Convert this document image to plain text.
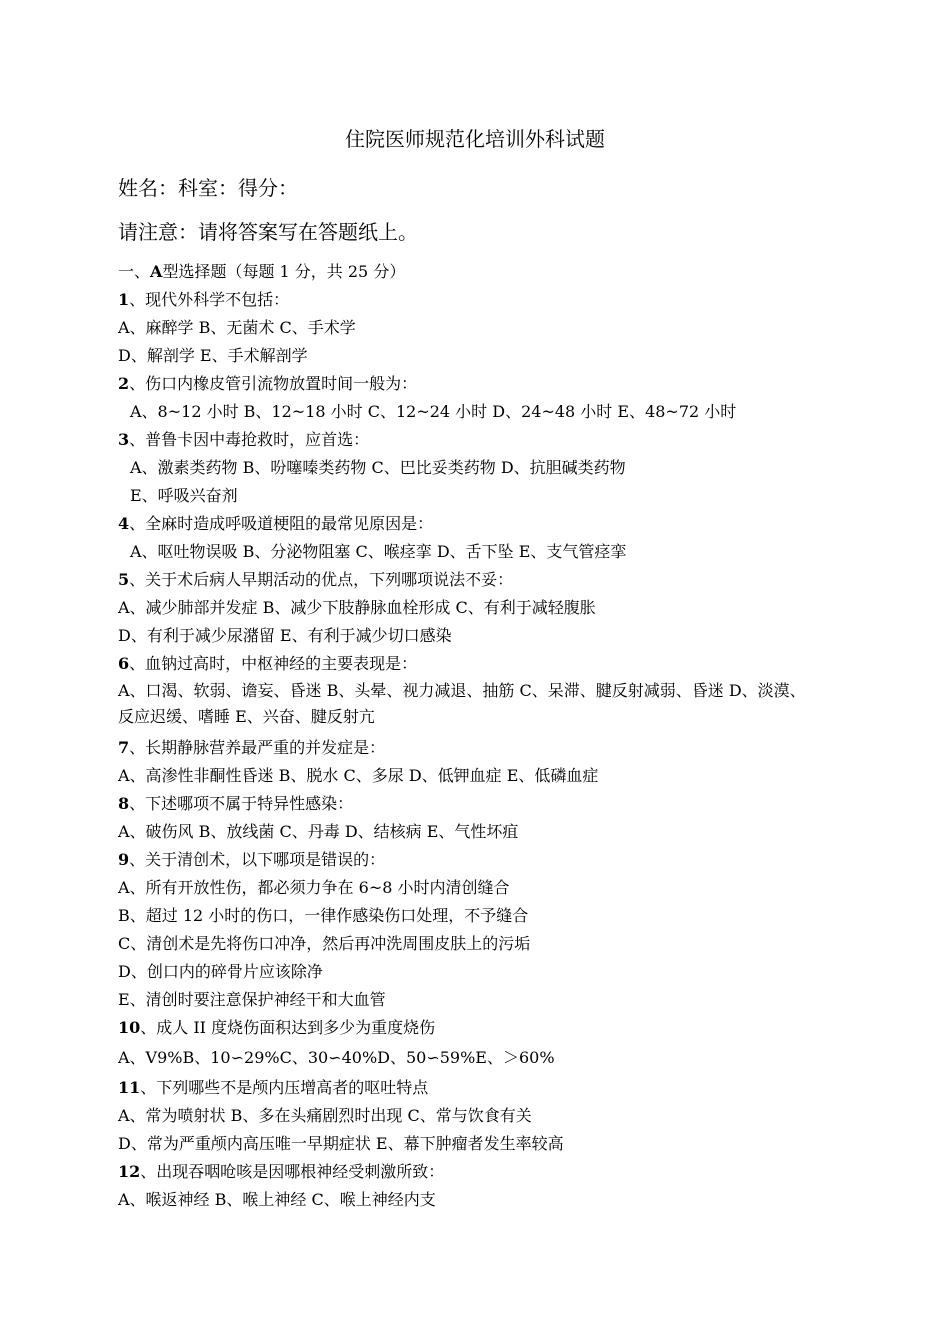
住院医师规范化培训外科试题
姓名：科室：得分：
请注意：请将答案写在答题纸上。
一、A型选择题（每题 1 分，共 25 分）
1、现代外科学不包括：
A、麻醉学 B、无菌术 C、手术学
D、解剖学 E、手术解剖学
2、伤口内橡皮管引流物放置时间一般为：
A、8~12 小时 B、12~18 小时 C、12~24 小时 D、24~48 小时 E、48~72 小时
3、普鲁卡因中毒抢救时，应首选：
A、激素类药物 B、吩噻嗪类药物 C、巴比妥类药物 D、抗胆碱类药物
E、呼吸兴奋剂
4、全麻时造成呼吸道梗阻的最常见原因是：
A、呕吐物误吸 B、分泌物阻塞 C、喉痉挛 D、舌下坠 E、支气管痉挛
5、关于术后病人早期活动的优点，下列哪项说法不妥：
A、减少肺部并发症 B、减少下肢静脉血栓形成 C、有利于减轻腹胀
D、有利于减少尿潴留 E、有利于减少切口感染
6、血钠过高时，中枢神经的主要表现是：
A、口渴、软弱、谵妄、昏迷 B、头晕、视力减退、抽筋 C、呆滞、腱反射减弱、昏迷 D、淡漠、反应迟缓、嗜睡 E、兴奋、腱反射亢
7、长期静脉营养最严重的并发症是：
A、高渗性非酮性昏迷 B、脱水 C、多尿 D、低钾血症 E、低磷血症
8、下述哪项不属于特异性感染：
A、破伤风 B、放线菌 C、丹毒 D、结核病 E、气性坏疽
9、关于清创术，以下哪项是错误的：
A、所有开放性伤，都必须力争在 6~8 小时内清创缝合
B、超过 12 小时的伤口，一律作感染伤口处理，不予缝合
C、清创术是先将伤口冲净，然后再冲洗周围皮肤上的污垢
D、创口内的碎骨片应该除净
E、清创时要注意保护神经干和大血管
10、成人 II 度烧伤面积达到多少为重度烧伤
A、V9%B、10∽29%C、30∽40%D、50∽59%E、＞60%
11、下列哪些不是颅内压增高者的呕吐特点
A、常为喷射状 B、多在头痛剧烈时出现 C、常与饮食有关
D、常为严重颅内高压唯一早期症状 E、幕下肿瘤者发生率较高
12、出现吞咽呛咳是因哪根神经受刺激所致：
A、喉返神经 B、喉上神经 C、喉上神经内支
